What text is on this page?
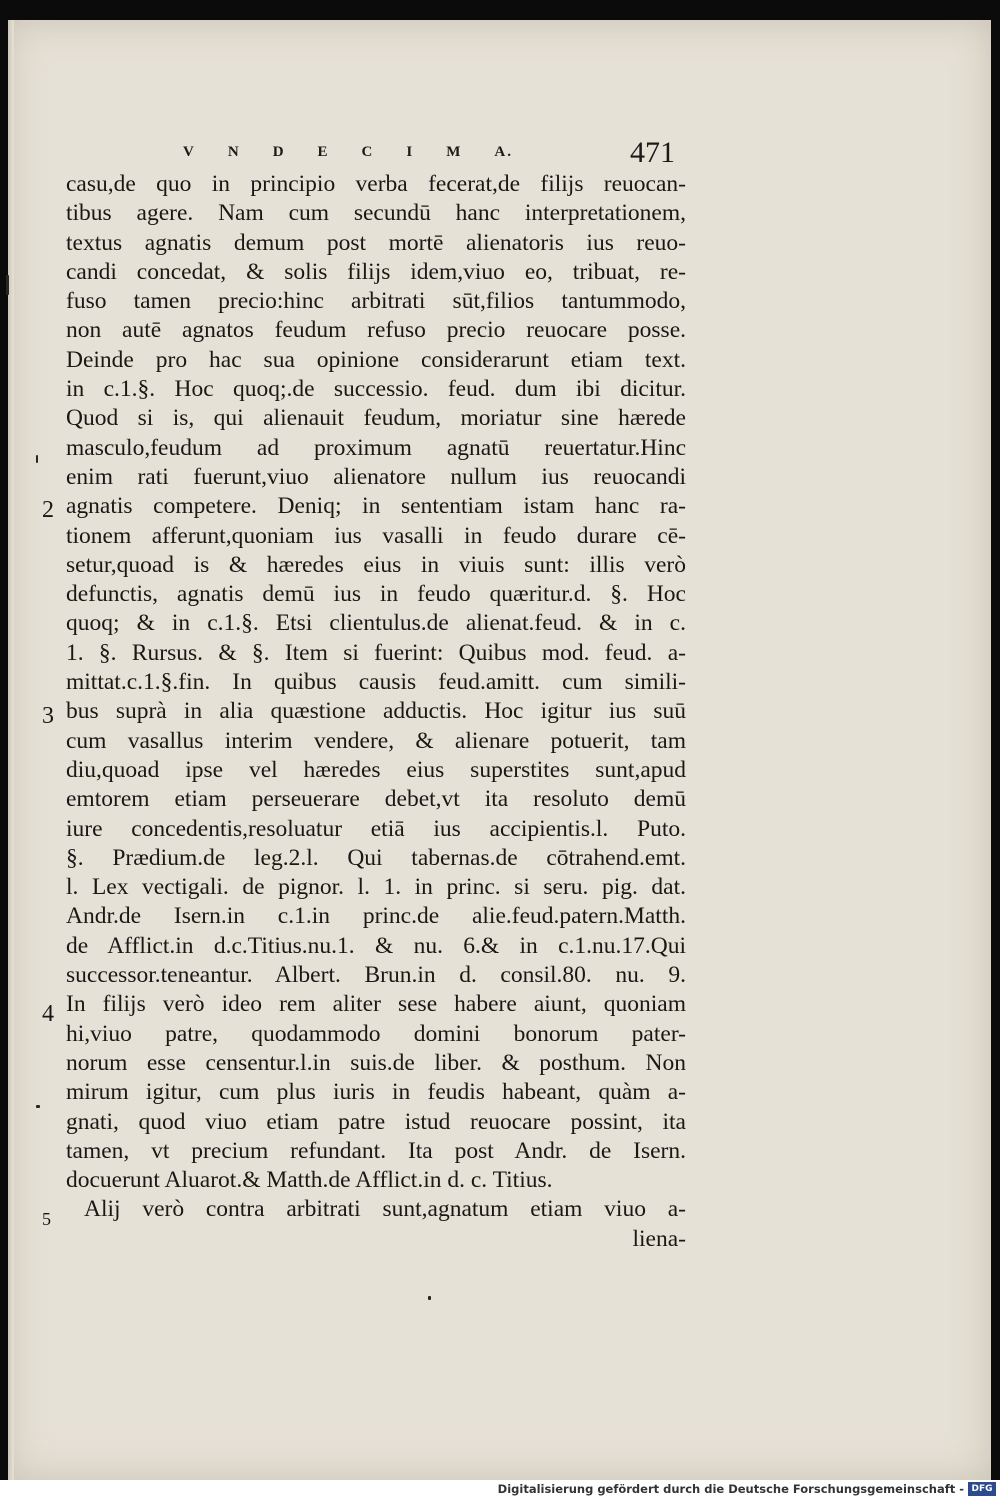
V N D E C I M A.	471
2
3
4
5
casu,de quo in principio verba fecerat,de filijs reuocan-
tibus agere. Nam cum secundū hanc interpretationem,
textus agnatis demum post mortē alienatoris ius reuo-
candi concedat, & solis filijs idem,viuo eo, tribuat, re-
fuso tamen precio:hinc arbitrati sūt,filios tantummodo,
non autē agnatos feudum refuso precio reuocare posse.
Deinde pro hac sua opinione considerarunt etiam text.
in c.1.§. Hoc quoq;.de successio. feud. dum ibi dicitur.
Quod si is, qui alienauit feudum, moriatur sine hærede
masculo,feudum ad proximum agnatū reuertatur.Hinc
enim rati fuerunt,viuo alienatore nullum ius reuocandi
agnatis competere. Deniq; in sententiam istam hanc ra-
tionem afferunt,quoniam ius vasalli in feudo durare cē-
setur,quoad is & hæredes eius in viuis sunt: illis verò
defunctis, agnatis demū ius in feudo quæritur.d. §. Hoc
quoq; & in c.1.§. Etsi clientulus.de alienat.feud. & in c.
1. §. Rursus. & §. Item si fuerint: Quibus mod. feud. a-
mittat.c.1.§.fin. In quibus causis feud.amitt. cum simili-
bus suprà in alia quæstione adductis. Hoc igitur ius suū
cum vasallus interim vendere, & alienare potuerit, tam
diu,quoad ipse vel hæredes eius superstites sunt,apud
emtorem etiam perseuerare debet,vt ita resoluto demū
iure concedentis,resoluatur etiā ius accipientis.l. Puto.
§. Prædium.de leg.2.l. Qui tabernas.de cōtrahend.emt.
l. Lex vectigali. de pignor. l. 1. in princ. si seru. pig. dat.
Andr.de Isern.in c.1.in princ.de alie.feud.patern.Matth.
de Afflict.in d.c.Titius.nu.1. & nu. 6.& in c.1.nu.17.Qui
successor.teneantur. Albert. Brun.in d. consil.80. nu. 9.
In filijs verò ideo rem aliter sese habere aiunt, quoniam
hi,viuo patre, quodammodo domini bonorum pater-
norum esse censentur.l.in suis.de liber. & posthum. Non
mirum igitur, cum plus iuris in feudis habeant, quàm a-
gnati, quod viuo etiam patre istud reuocare possint, ita
tamen, vt precium refundant. Ita post Andr. de Isern.
docuerunt Aluarot.& Matth.de Afflict.in d. c. Titius.
Alij verò contra arbitrati sunt,agnatum etiam viuo a-
liena-
Digitalisierung gefördert durch die Deutsche Forschungsgemeinschaft - DFG
